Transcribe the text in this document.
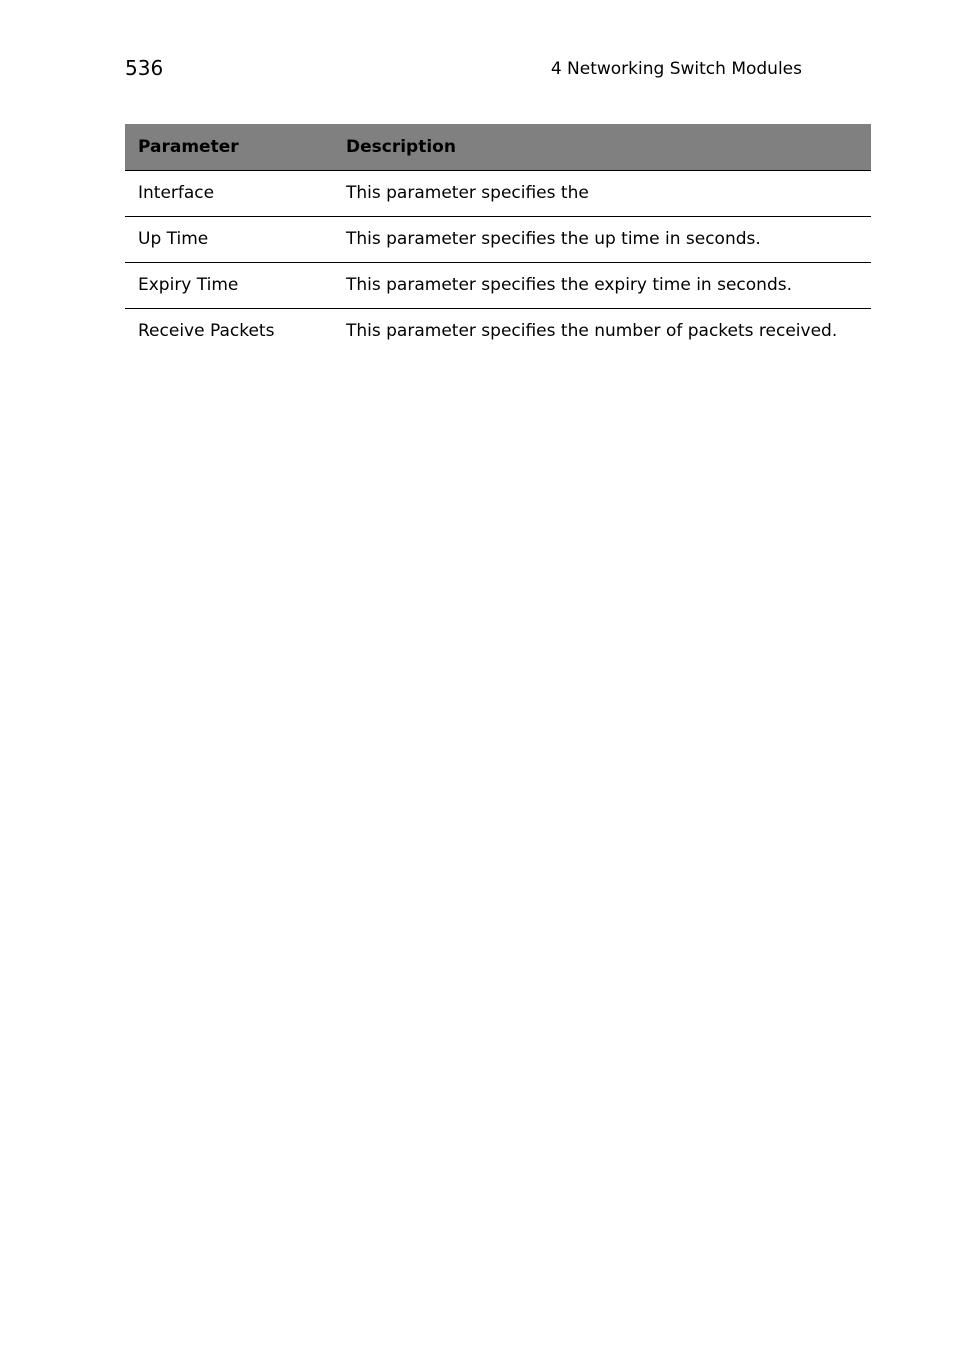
536	4 Networking Switch Modules
Parameter	Description
Interface	This parameter specifies the
Up Time	This parameter specifies the up time in seconds.
Expiry Time	This parameter specifies the expiry time in seconds.
Receive Packets	This parameter specifies the number of packets received.
